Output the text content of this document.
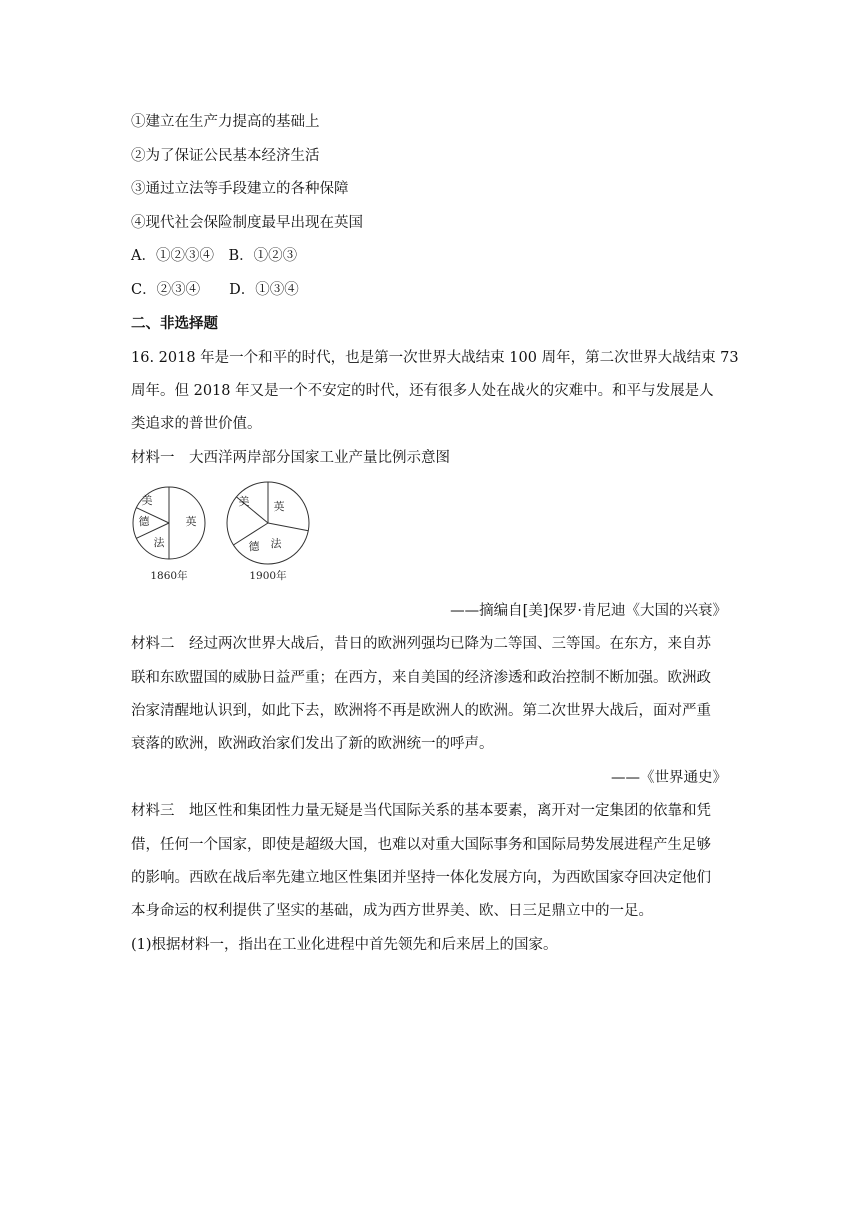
①建立在生产力提高的基础上
②为了保证公民基本经济生活
③通过立法等手段建立的各种保障
④现代社会保险制度最早出现在英国
A．①②③④　B．①②③
C．②③④　　D．①③④
二、非选择题
16. 2018 年是一个和平的时代，也是第一次世界大战结束 100 周年，第二次世界大战结束 73
周年。但 2018 年又是一个不安定的时代，还有很多人处在战火的灾难中。和平与发展是人
类追求的普世价值。
材料一　大西洋两岸部分国家工业产量比例示意图
英
美
德
法
1860年
英
美
德 法
1900年
——摘编自[美]保罗·肯尼迪《大国的兴衰》
材料二　经过两次世界大战后，昔日的欧洲列强均已降为二等国、三等国。在东方，来自苏
联和东欧盟国的威胁日益严重；在西方，来自美国的经济渗透和政治控制不断加强。欧洲政
治家清醒地认识到，如此下去，欧洲将不再是欧洲人的欧洲。第二次世界大战后，面对严重
衰落的欧洲，欧洲政治家们发出了新的欧洲统一的呼声。
——《世界通史》
材料三　地区性和集团性力量无疑是当代国际关系的基本要素，离开对一定集团的依靠和凭
借，任何一个国家，即使是超级大国，也难以对重大国际事务和国际局势发展进程产生足够
的影响。西欧在战后率先建立地区性集团并坚持一体化发展方向，为西欧国家夺回决定他们
本身命运的权利提供了坚实的基础，成为西方世界美、欧、日三足鼎立中的一足。
(1)根据材料一，指出在工业化进程中首先领先和后来居上的国家。
